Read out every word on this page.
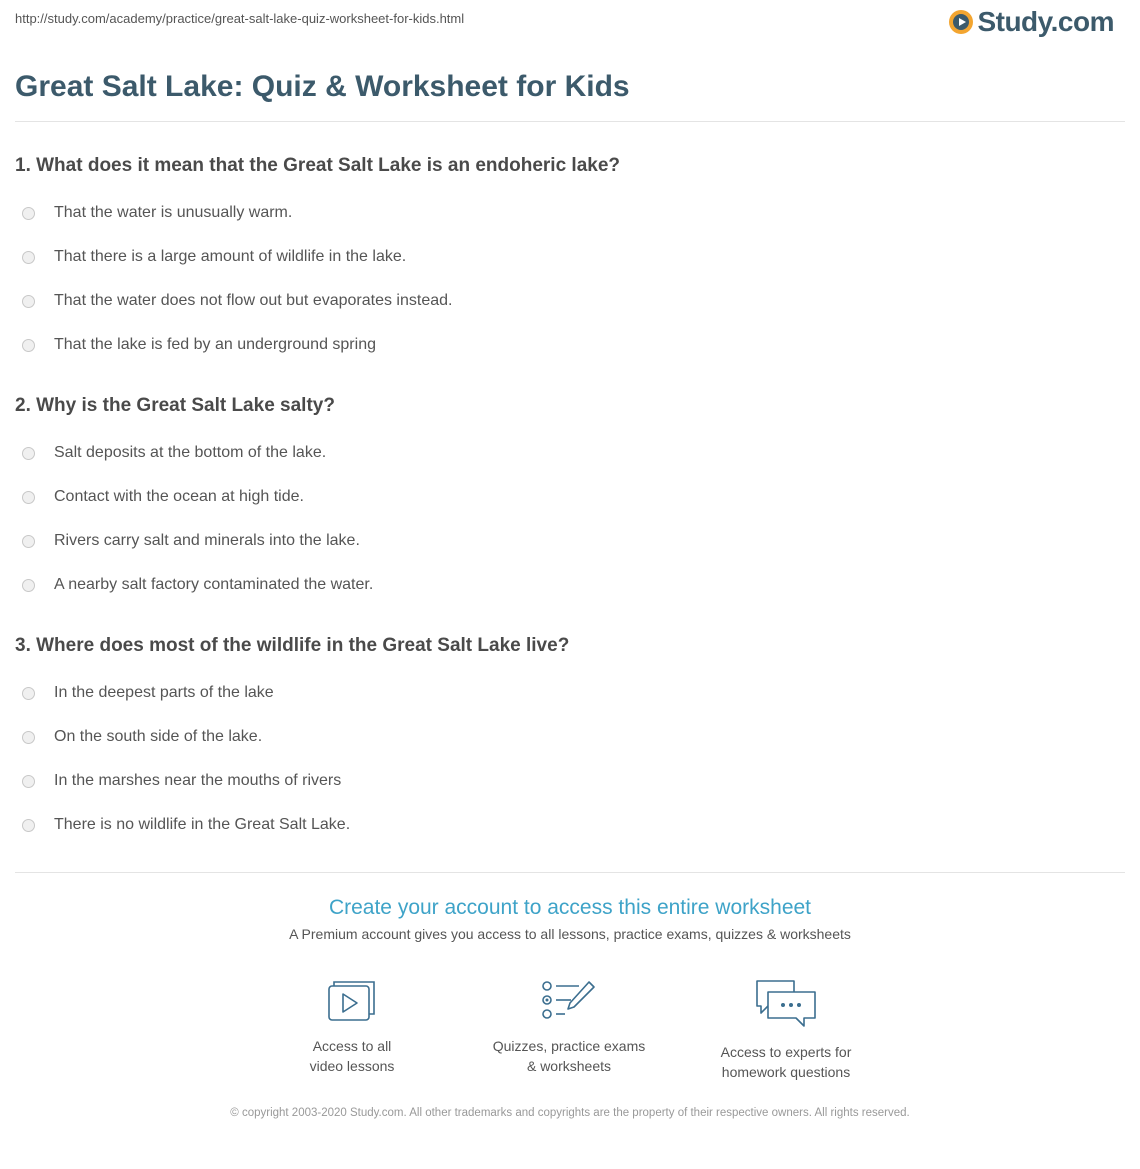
http://study.com/academy/practice/great-salt-lake-quiz-worksheet-for-kids.html	Study.com
Great Salt Lake: Quiz & Worksheet for Kids
1. What does it mean that the Great Salt Lake is an endoheric lake?
That the water is unusually warm.
That there is a large amount of wildlife in the lake.
That the water does not flow out but evaporates instead.
That the lake is fed by an underground spring
2. Why is the Great Salt Lake salty?
Salt deposits at the bottom of the lake.
Contact with the ocean at high tide.
Rivers carry salt and minerals into the lake.
A nearby salt factory contaminated the water.
3. Where does most of the wildlife in the Great Salt Lake live?
In the deepest parts of the lake
On the south side of the lake.
In the marshes near the mouths of rivers
There is no wildlife in the Great Salt Lake.
Create your account to access this entire worksheet
A Premium account gives you access to all lessons, practice exams, quizzes & worksheets
Access to all
video lessons
Quizzes, practice exams
& worksheets
Access to experts for
homework questions
© copyright 2003-2020 Study.com. All other trademarks and copyrights are the property of their respective owners. All rights reserved.
